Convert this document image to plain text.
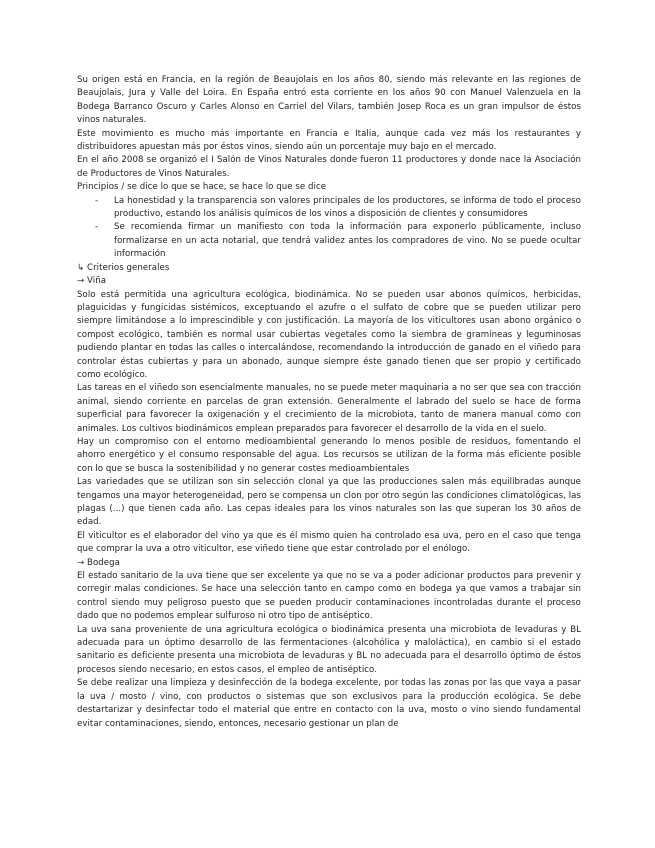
Su origen está en Francia, en la región de Beaujolais en los años 80, siendo más relevante en las regiones de Beaujolais, Jura y Valle del Loira. En España entró esta corriente en los años 90 con Manuel Valenzuela en la Bodega Barranco Oscuro y Carles Alonso en Carriel del Vilars, también Josep Roca es un gran impulsor de éstos vinos naturales.

Este movimiento es mucho más importante en Francia e Italia, aunque cada vez más los restaurantes y distribuidores apuestan más por éstos vinos, siendo aún un porcentaje muy bajo en el mercado.

En el año 2008 se organizó el I Salón de Vinos Naturales donde fueron 11 productores y donde nace la Asociación de Productores de Vinos Naturales.

Principios / se dice lo que se hace, se hace lo que se dice

- La honestidad y la transparencia son valores principales de los productores, se informa de todo el proceso productivo, estando los análisis químicos de los vinos a disposición de clientes y consumidores
- Se recomienda firmar un manifiesto con toda la información para exponerlo públicamente, incluso formalizarse en un acta notarial, que tendrá validez antes los compradores de vino. No se puede ocultar información

↳ Criterios generales

→ Viña

Solo está permitida una agricultura ecológica, biodinámica. No se pueden usar abonos químicos, herbicidas, plaguicidas y fungicidas sistémicos, exceptuando el azufre o el sulfato de cobre que se pueden utilizar pero siempre limitándose a lo imprescindible y con justificación. La mayoría de los viticultores usan abono orgánico o compost ecológico, también es normal usar cubiertas vegetales como la siembra de gramíneas y leguminosas pudiendo plantar en todas las calles o intercalándose, recomendando la introducción de ganado en el viñedo para controlar éstas cubiertas y para un abonado, aunque siempre éste ganado tienen que ser propio y certificado como ecológico.

Las tareas en el viñedo son esencialmente manuales, no se puede meter maquinaria a no ser que sea con tracción animal, siendo corriente en parcelas de gran extensión. Generalmente el labrado del suelo se hace de forma superficial para favorecer la oxigenación y el crecimiento de la microbiota, tanto de manera manual como con animales. Los cultivos biodinámicos emplean preparados para favorecer el desarrollo de la vida en el suelo.

Hay un compromiso con el entorno medioambiental generando lo menos posible de residuos, fomentando el ahorro energético y el consumo responsable del agua. Los recursos se utilizan de la forma más eficiente posible con lo que se busca la sostenibilidad y no generar costes medioambientales

Las variedades que se utilizan son sin selección clonal ya que las producciones salen más equilibradas aunque tengamos una mayor heterogeneidad, pero se compensa un clon por otro según las condiciones climatológicas, las plagas (...) que tienen cada año. Las cepas ideales para los vinos naturales son las que superan los 30 años de edad.

El viticultor es el elaborador del vino ya que es él mismo quien ha controlado esa uva, pero en el caso que tenga que comprar la uva a otro viticultor, ese viñedo tiene que estar controlado por el enólogo.

→ Bodega

El estado sanitario de la uva tiene que ser excelente ya que no se va a poder adicionar productos para prevenir y corregir malas condiciones. Se hace una selección tanto en campo como en bodega ya que vamos a trabajar sin control siendo muy peligroso puesto que se pueden producir contaminaciones incontroladas durante el proceso dado que no podemos emplear sulfuroso ni otro tipo de antiséptico.

La uva sana proveniente de una agricultura ecológica o biodinámica presenta una microbiota de levaduras y BL adecuada para un óptimo desarrollo de las fermentaciones (alcohólica y maloláctica), en cambio si el estado sanitario es deficiente presenta una microbiota de levaduras y BL no adecuada para el desarrollo óptimo de éstos procesos siendo necesario, en estos casos, el empleo de antiséptico.

Se debe realizar una limpieza y desinfección de la bodega excelente, por todas las zonas por las que vaya a pasar la uva / mosto / vino, con productos o sistemas que son exclusivos para la producción ecológica. Se debe destartarizar y desinfectar todo el material que entre en contacto con la uva, mosto o vino siendo fundamental evitar contaminaciones, siendo, entonces, necesario gestionar un plan de
